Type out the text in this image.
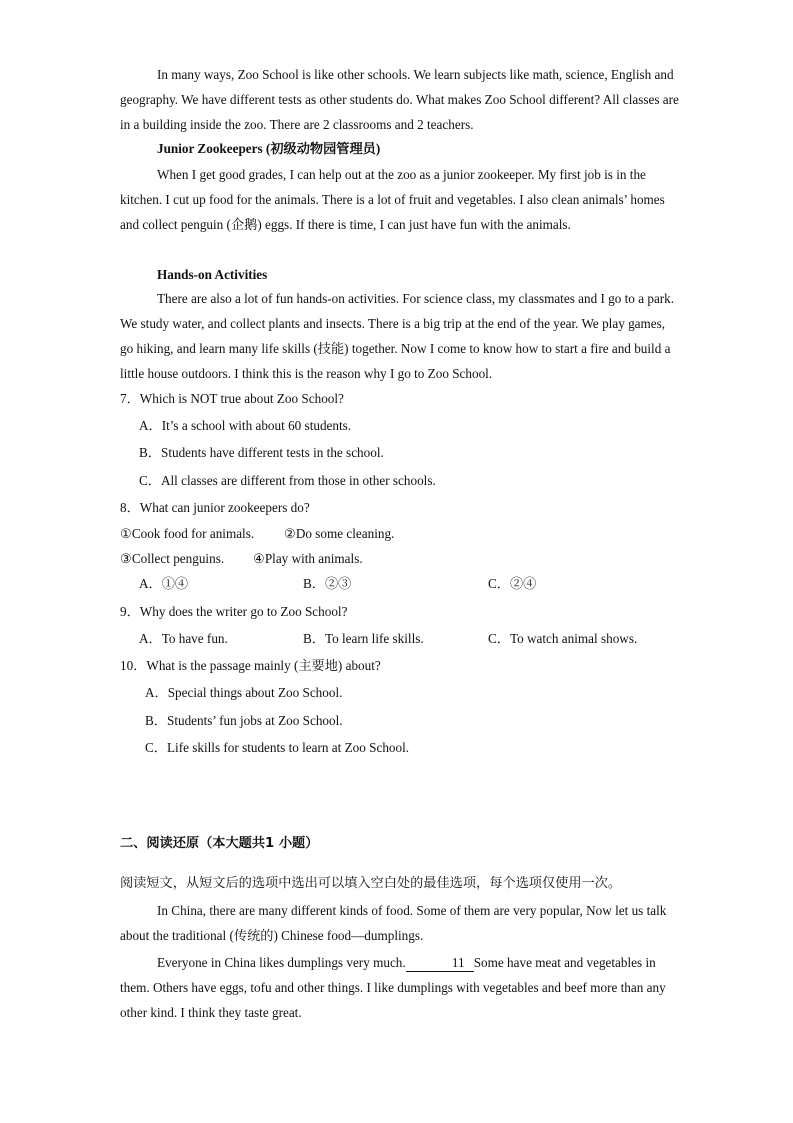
In many ways, Zoo School is like other schools. We learn subjects like math, science, English and geography. We have different tests as other students do. What makes Zoo School different? All classes are in a building inside the zoo. There are 2 classrooms and 2 teachers.

Junior Zookeepers (初级动物园管理员)

When I get good grades, I can help out at the zoo as a junior zookeeper. My first job is in the kitchen. I cut up food for the animals. There is a lot of fruit and vegetables. I also clean animals’ homes and collect penguin (企鹅) eggs. If there is time, I can just have fun with the animals.

Hands-on Activities

There are also a lot of fun hands-on activities. For science class, my classmates and I go to a park. We study water, and collect plants and insects. There is a big trip at the end of the year. We play games, go hiking, and learn many life skills (技能) together. Now I come to know how to start a fire and build a little house outdoors. I think this is the reason why I go to Zoo School.

7．Which is NOT true about Zoo School?
A．It’s a school with about 60 students.
B．Students have different tests in the school.
C．All classes are different from those in other schools.
8．What can junior zookeepers do?
①Cook food for animals. ②Do some cleaning.
③Collect penguins. ④Play with animals.
A．①④	B．②③	C．②④
9．Why does the writer go to Zoo School?
A．To have fun.	B．To learn life skills.	C．To watch animal shows.
10．What is the passage mainly (主要地) about?
A．Special things about Zoo School.
B．Students’ fun jobs at Zoo School.
C．Life skills for students to learn at Zoo School.
二、阅读还原（本大题共1 小题）
阅读短文，从短文后的选项中选出可以填入空白处的最佳选项，每个选项仅使用一次。

In China, there are many different kinds of food. Some of them are very popular, Now let us talk about the traditional (传统的) Chinese food—dumplings.

Everyone in China likes dumplings very much.	11 Some have meat and vegetables in them. Others have eggs, tofu and other things. I like dumplings with vegetables and beef more than any other kind. I think they taste great.
